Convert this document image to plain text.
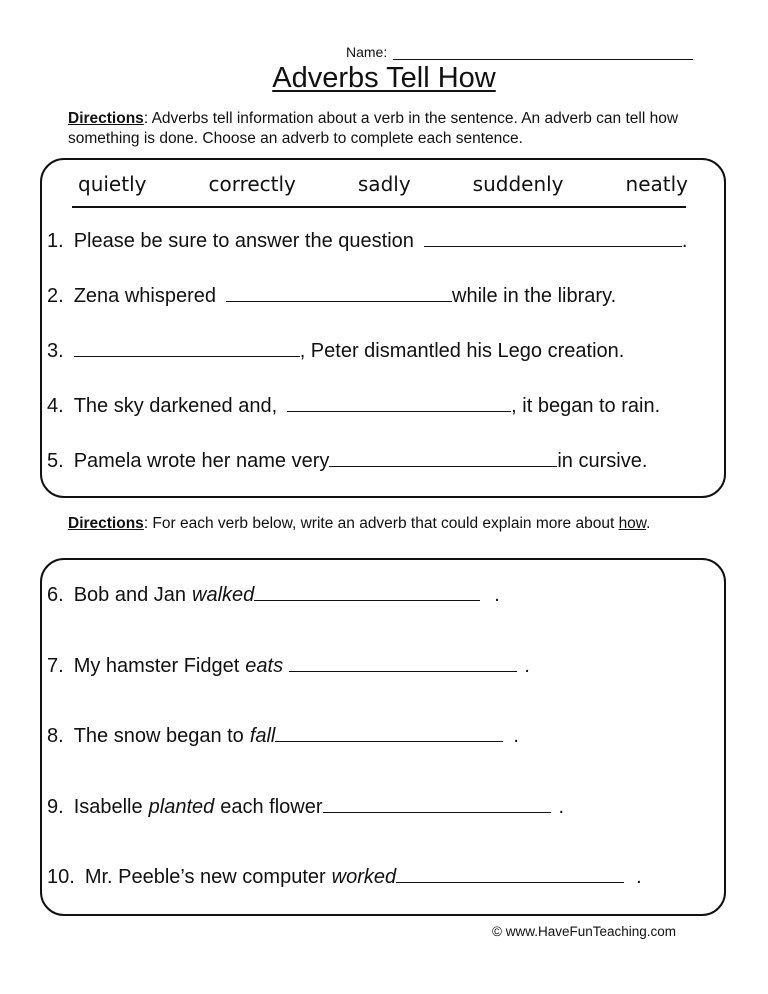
Name:
Adverbs Tell How
Directions: Adverbs tell information about a verb in the sentence. An adverb can tell how something is done. Choose an adverb to complete each sentence.
quietly	correctly	sadly	suddenly	neatly
1. Please be sure to answer the question	.
2. Zena whispered	while in the library.
3.	, Peter dismantled his Lego creation.
4. The sky darkened and,	, it began to rain.
5. Pamela wrote her name very	in cursive.
Directions: For each verb below, write an adverb that could explain more about how.
6. Bob and Jan walked	.
7. My hamster Fidget eats	.
8. The snow began to fall	.
9. Isabelle planted each flower	.
10. Mr. Peeble’s new computer worked	.
© www.HaveFunTeaching.com
